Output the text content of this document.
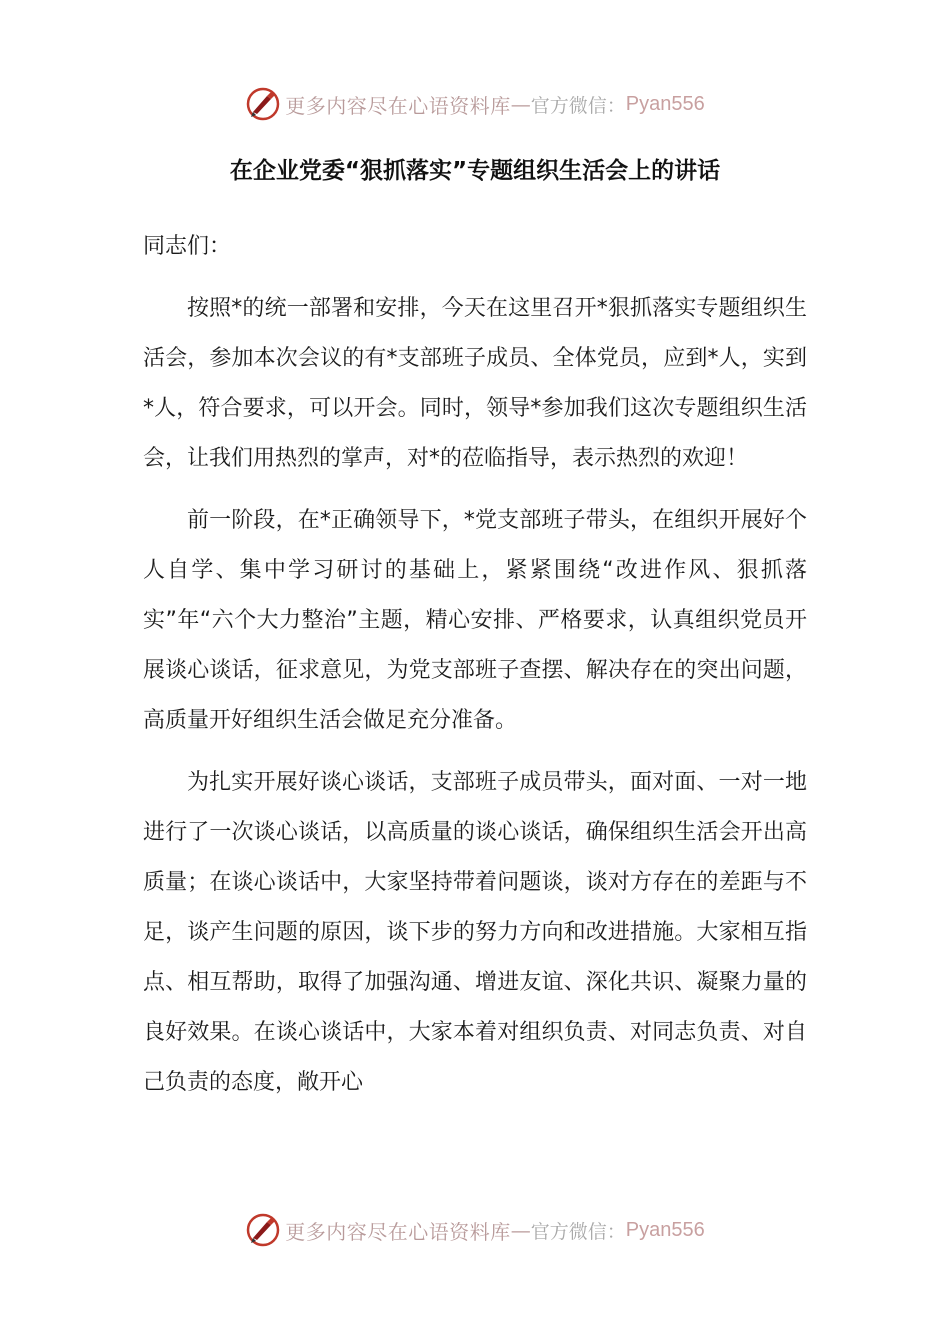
更多内容尽在心语资料库 — 官方微信： Pyan556
在企业党委“狠抓落实”专题组织生活会上的讲话

同志们：

按照*的统一部署和安排，今天在这里召开*狠抓落实专题组织生活会，参加本次会议的有*支部班子成员、全体党员，应到*人，实到*人，符合要求，可以开会。同时，领导*参加我们这次专题组织生活会，让我们用热烈的掌声，对*的莅临指导，表示热烈的欢迎！

前一阶段，在*正确领导下，*党支部班子带头，在组织开展好个人自学、集中学习研讨的基础上，紧紧围绕“改进作风、狠抓落实”年“六个大力整治”主题，精心安排、严格要求，认真组织党员开展谈心谈话，征求意见，为党支部班子查摆、解决存在的突出问题，高质量开好组织生活会做足充分准备。

为扎实开展好谈心谈话，支部班子成员带头，面对面、一对一地进行了一次谈心谈话，以高质量的谈心谈话，确保组织生活会开出高质量；在谈心谈话中，大家坚持带着问题谈，谈对方存在的差距与不足，谈产生问题的原因，谈下步的努力方向和改进措施。大家相互指点、相互帮助，取得了加强沟通、增进友谊、深化共识、凝聚力量的良好效果。在谈心谈话中，大家本着对组织负责、对同志负责、对自己负责的态度，敞开心

更多内容尽在心语资料库 — 官方微信： Pyan556
